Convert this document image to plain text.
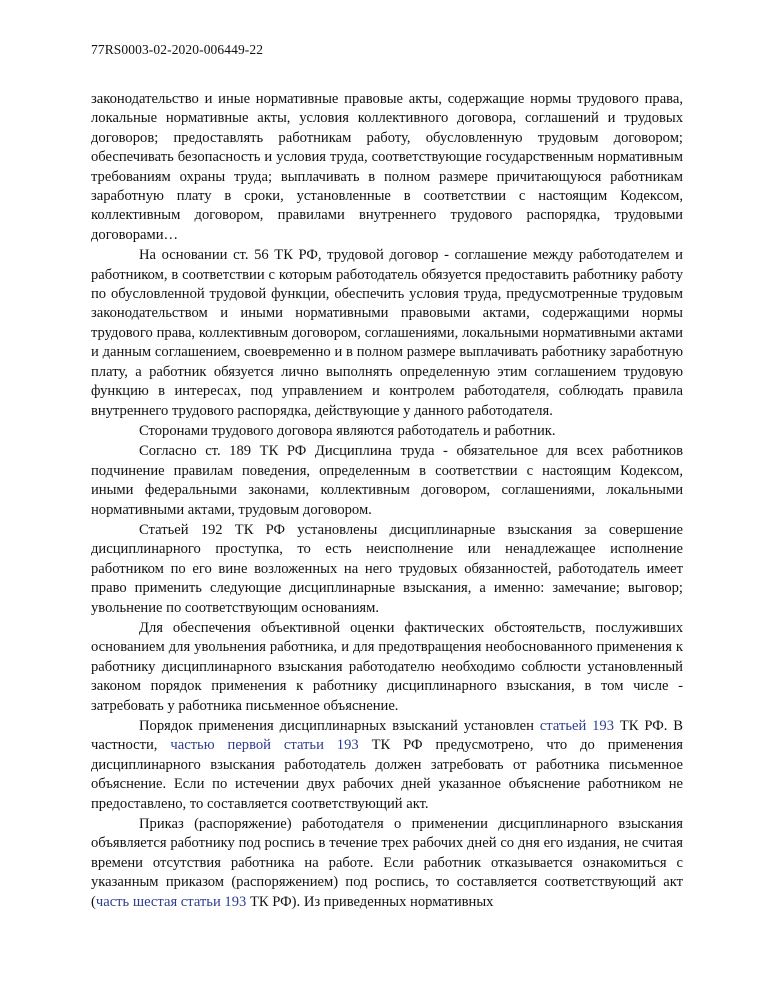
77RS0003-02-2020-006449-22

законодательство и иные нормативные правовые акты, содержащие нормы трудового права, локальные нормативные акты, условия коллективного договора, соглашений и трудовых договоров; предоставлять работникам работу, обусловленную трудовым договором; обеспечивать безопасность и условия труда, соответствующие государственным нормативным требованиям охраны труда; выплачивать в полном размере причитающуюся работникам заработную плату в сроки, установленные в соответствии с настоящим Кодексом, коллективным договором, правилами внутреннего трудового распорядка, трудовыми договорами…

На основании ст. 56 ТК РФ, трудовой договор - соглашение между работодателем и работником, в соответствии с которым работодатель обязуется предоставить работнику работу по обусловленной трудовой функции, обеспечить условия труда, предусмотренные трудовым законодательством и иными нормативными правовыми актами, содержащими нормы трудового права, коллективным договором, соглашениями, локальными нормативными актами и данным соглашением, своевременно и в полном размере выплачивать работнику заработную плату, а работник обязуется лично выполнять определенную этим соглашением трудовую функцию в интересах, под управлением и контролем работодателя, соблюдать правила внутреннего трудового распорядка, действующие у данного работодателя.

Сторонами трудового договора являются работодатель и работник.

Согласно ст. 189 ТК РФ Дисциплина труда - обязательное для всех работников подчинение правилам поведения, определенным в соответствии с настоящим Кодексом, иными федеральными законами, коллективным договором, соглашениями, локальными нормативными актами, трудовым договором.

Статьей 192 ТК РФ установлены дисциплинарные взыскания за совершение дисциплинарного проступка, то есть неисполнение или ненадлежащее исполнение работником по его вине возложенных на него трудовых обязанностей, работодатель имеет право применить следующие дисциплинарные взыскания, а именно: замечание; выговор; увольнение по соответствующим основаниям.

Для обеспечения объективной оценки фактических обстоятельств, послуживших основанием для увольнения работника, и для предотвращения необоснованного применения к работнику дисциплинарного взыскания работодателю необходимо соблюсти установленный законом порядок применения к работнику дисциплинарного взыскания, в том числе - затребовать у работника письменное объяснение.

Порядок применения дисциплинарных взысканий установлен статьей 193 ТК РФ. В частности, частью первой статьи 193 ТК РФ предусмотрено, что до применения дисциплинарного взыскания работодатель должен затребовать от работника письменное объяснение. Если по истечении двух рабочих дней указанное объяснение работником не предоставлено, то составляется соответствующий акт.

Приказ (распоряжение) работодателя о применении дисциплинарного взыскания объявляется работнику под роспись в течение трех рабочих дней со дня его издания, не считая времени отсутствия работника на работе. Если работник отказывается ознакомиться с указанным приказом (распоряжением) под роспись, то составляется соответствующий акт (часть шестая статьи 193 ТК РФ). Из приведенных нормативных
